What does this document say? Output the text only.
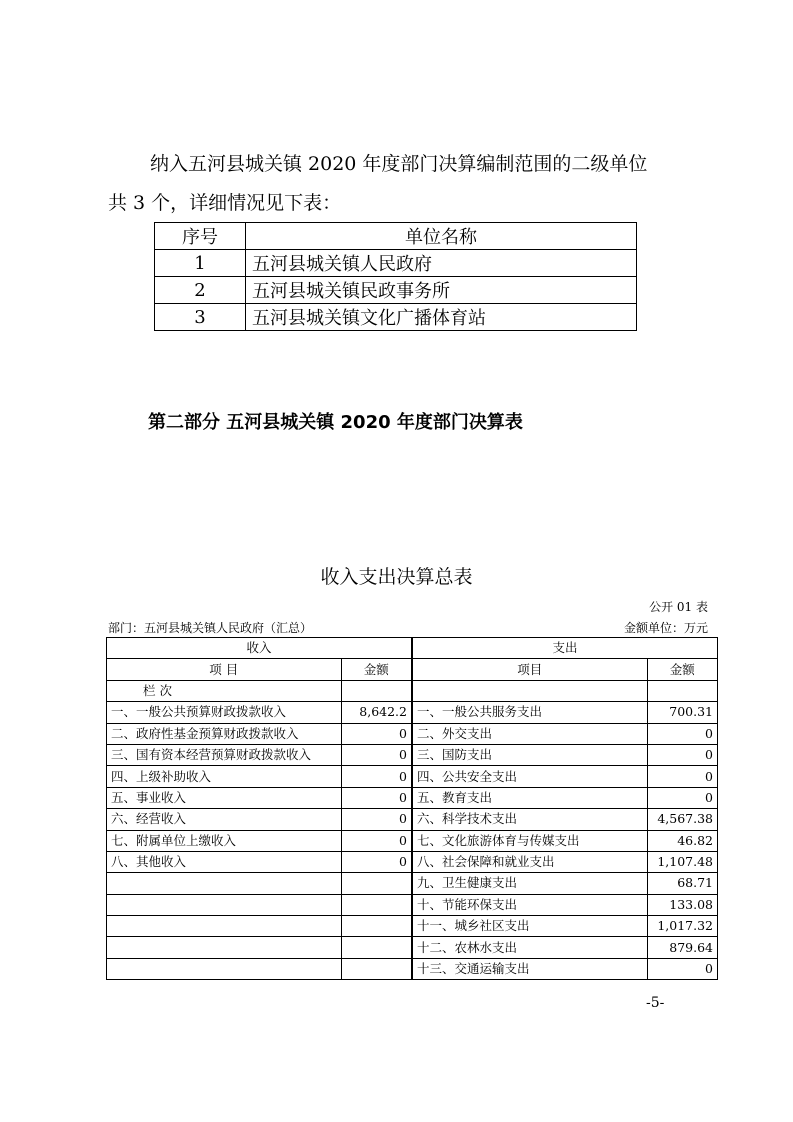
纳入五河县城关镇 2020 年度部门决算编制范围的二级单位
共 3 个，详细情况见下表：
序号	单位名称
1	五河县城关镇人民政府
2	五河县城关镇民政事务所
3	五河县城关镇文化广播体育站
第二部分 五河县城关镇 2020 年度部门决算表
收入支出决算总表
公开 01 表
部门：五河县城关镇人民政府（汇总）	金额单位：万元
收入		支出	
项 目	金额	项目	金额
栏 次			
一、一般公共预算财政拨款收入	8,642.2	一、一般公共服务支出	700.31
二、政府性基金预算财政拨款收入	0	二、外交支出	0
三、国有资本经营预算财政拨款收入	0	三、国防支出	0
四、上级补助收入	0	四、公共安全支出	0
五、事业收入	0	五、教育支出	0
六、经营收入	0	六、科学技术支出	4,567.38
七、附属单位上缴收入	0	七、文化旅游体育与传媒支出	46.82
八、其他收入	0	八、社会保障和就业支出	1,107.48
		九、卫生健康支出	68.71
		十、节能环保支出	133.08
		十一、城乡社区支出	1,017.32
		十二、农林水支出	879.64
		十三、交通运输支出	0
-5-
